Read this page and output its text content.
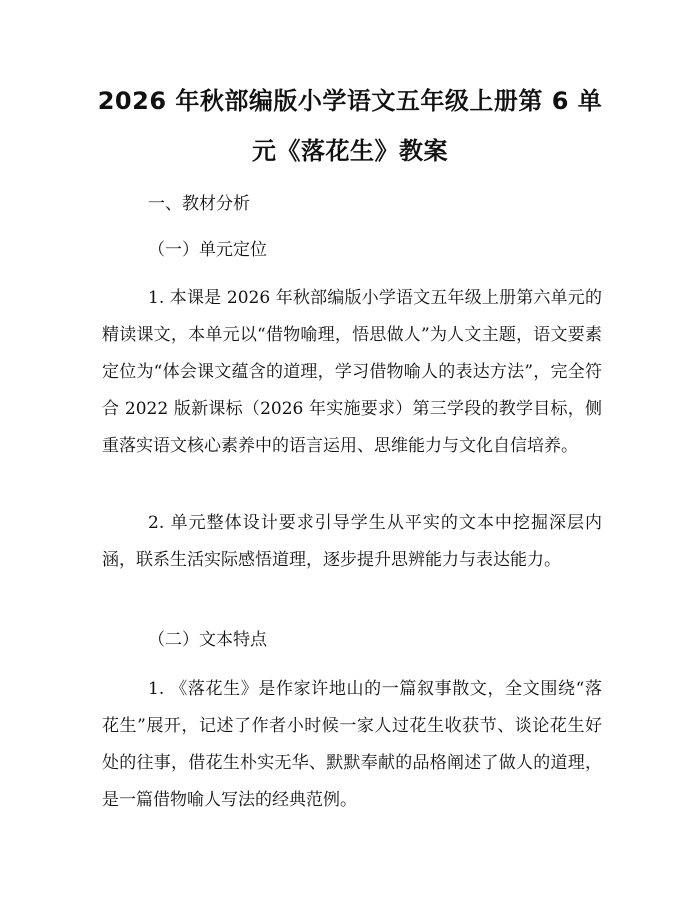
2026 年秋部编版小学语文五年级上册第 6 单
元《落花生》教案

一、教材分析

（一）单元定位

1. 本课是 2026 年秋部编版小学语文五年级上册第六单元的精读课文，本单元以“借物喻理，悟思做人”为人文主题，语文要素定位为“体会课文蕴含的道理，学习借物喻人的表达方法”，完全符合 2022 版新课标（2026 年实施要求）第三学段的教学目标，侧重落实语文核心素养中的语言运用、思维能力与文化自信培养。

2. 单元整体设计要求引导学生从平实的文本中挖掘深层内涵，联系生活实际感悟道理，逐步提升思辨能力与表达能力。

（二）文本特点

1. 《落花生》是作家许地山的一篇叙事散文，全文围绕“落花生”展开，记述了作者小时候一家人过花生收获节、谈论花生好处的往事，借花生朴实无华、默默奉献的品格阐述了做人的道理，是一篇借物喻人写法的经典范例。
